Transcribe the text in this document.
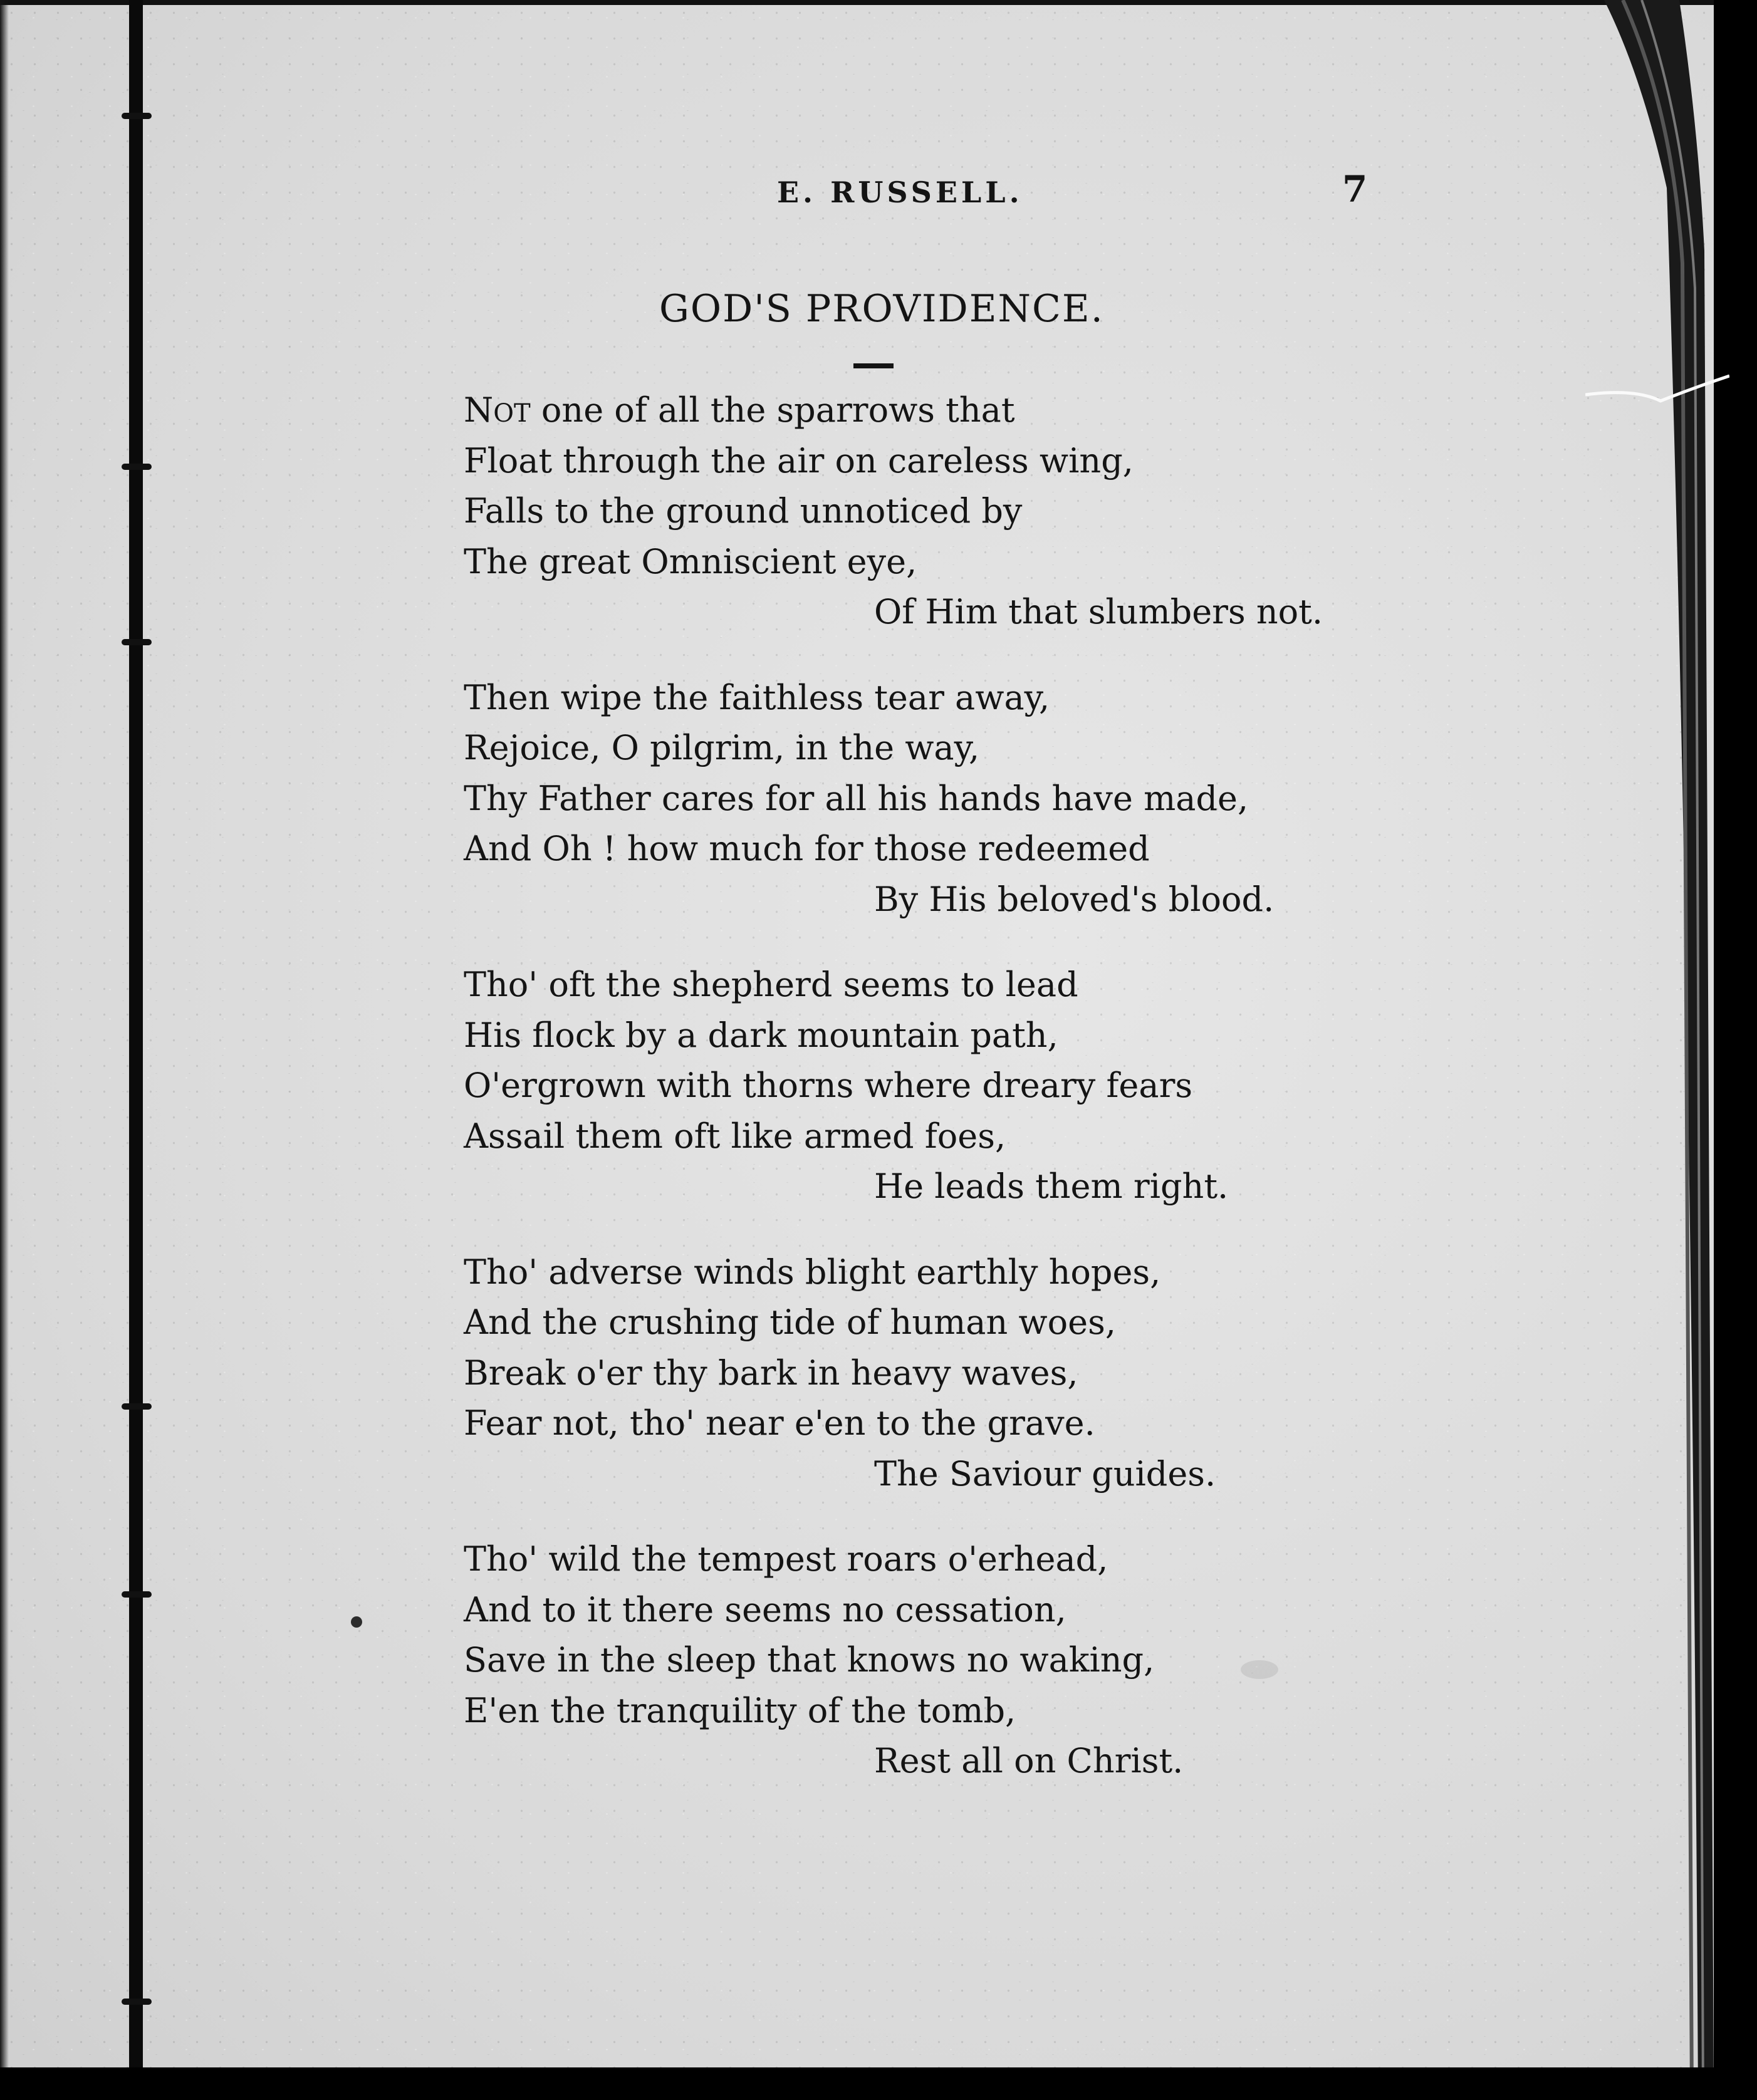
E. RUSSELL.	7
GOD'S PROVIDENCE.
NOT one of all the sparrows that
Float through the air on careless wing,
Falls to the ground unnoticed by
The great Omniscient eye,
Of Him that slumbers not.
Then wipe the faithless tear away,
Rejoice, O pilgrim, in the way,
Thy Father cares for all his hands have made,
And Oh ! how much for those redeemed
By His beloved's blood.
Tho' oft the shepherd seems to lead
His flock by a dark mountain path,
O'ergrown with thorns where dreary fears
Assail them oft like armed foes,
He leads them right.
Tho' adverse winds blight earthly hopes,
And the crushing tide of human woes,
Break o'er thy bark in heavy waves,
Fear not, tho' near e'en to the grave.
The Saviour guides.
Tho' wild the tempest roars o'erhead,
And to it there seems no cessation,
Save in the sleep that knows no waking,
E'en the tranquility of the tomb,
Rest all on Christ.
